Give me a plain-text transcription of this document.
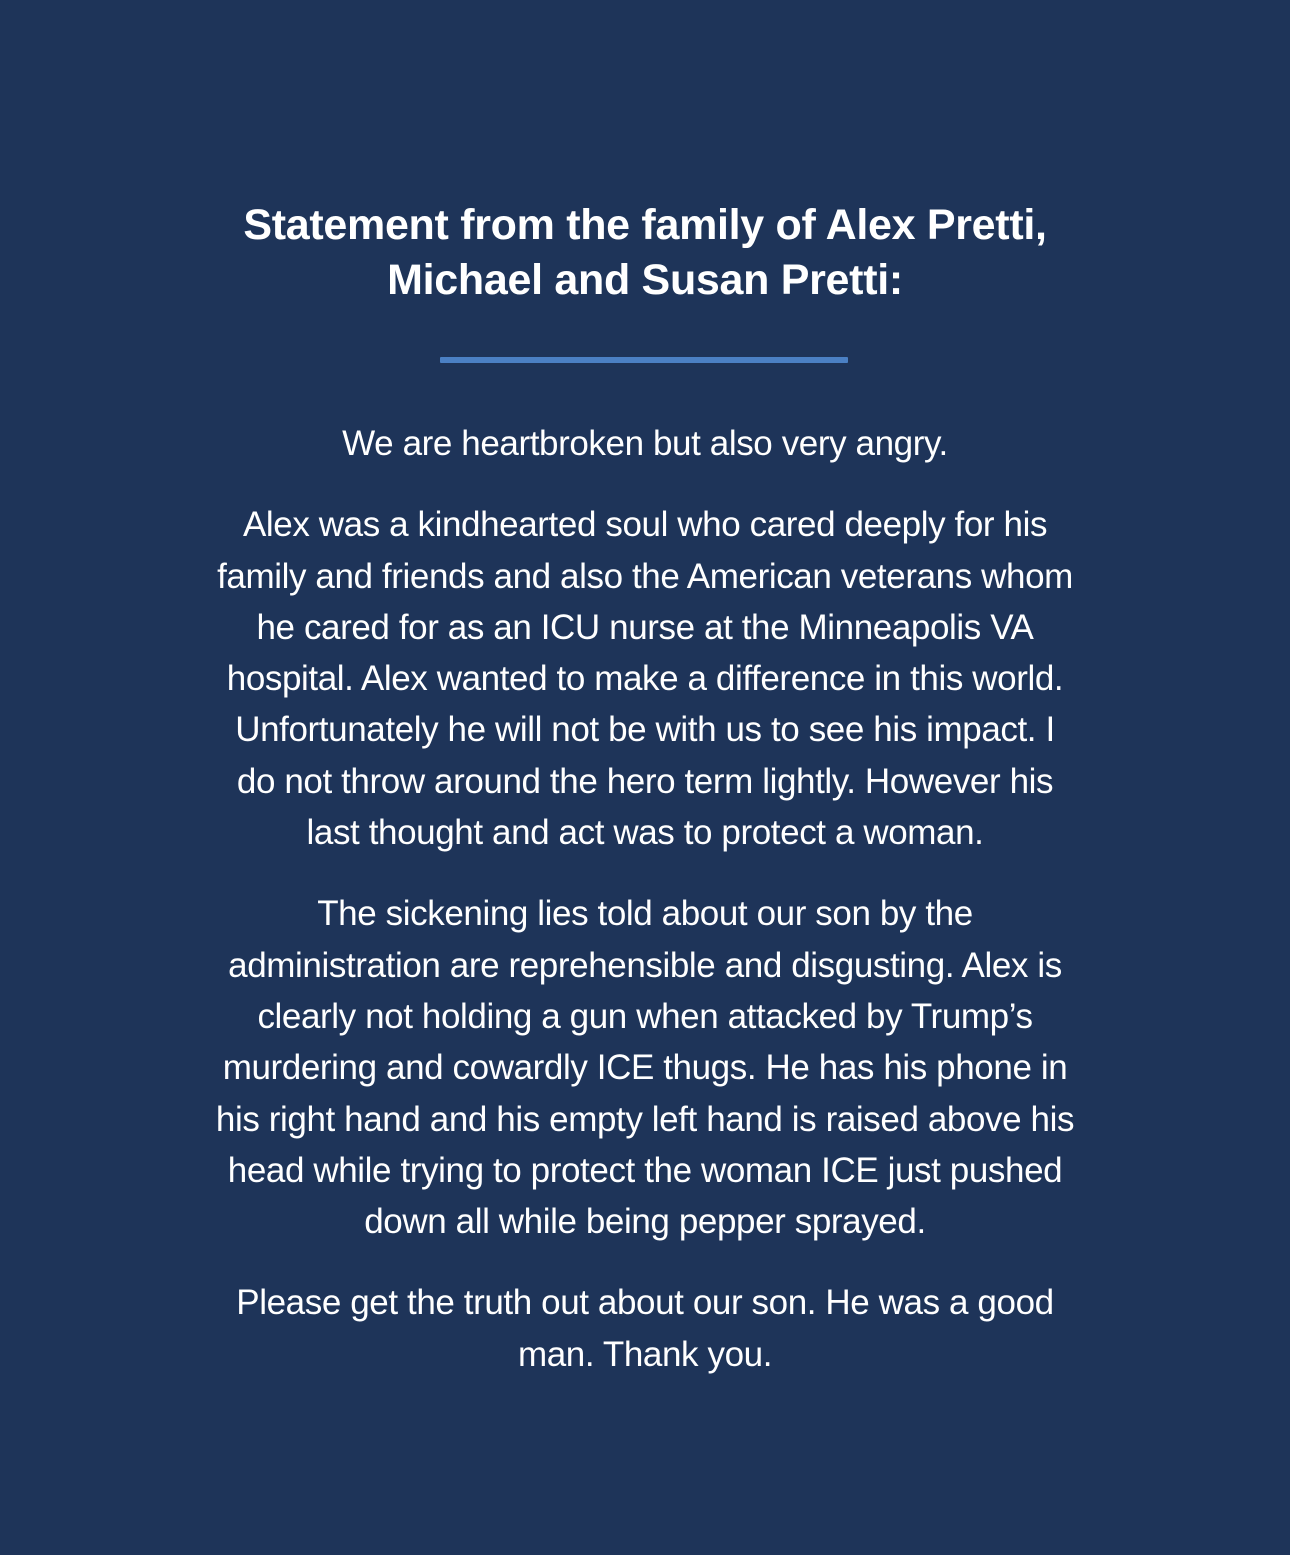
Statement from the family of Alex Pretti,
Michael and Susan Pretti:

We are heartbroken but also very angry.

Alex was a kindhearted soul who cared deeply for his
family and friends and also the American veterans whom
he cared for as an ICU nurse at the Minneapolis VA
hospital. Alex wanted to make a difference in this world.
Unfortunately he will not be with us to see his impact. I
do not throw around the hero term lightly. However his
last thought and act was to protect a woman.

The sickening lies told about our son by the
administration are reprehensible and disgusting. Alex is
clearly not holding a gun when attacked by Trump’s
murdering and cowardly ICE thugs. He has his phone in
his right hand and his empty left hand is raised above his
head while trying to protect the woman ICE just pushed
down all while being pepper sprayed.

Please get the truth out about our son. He was a good
man. Thank you.
